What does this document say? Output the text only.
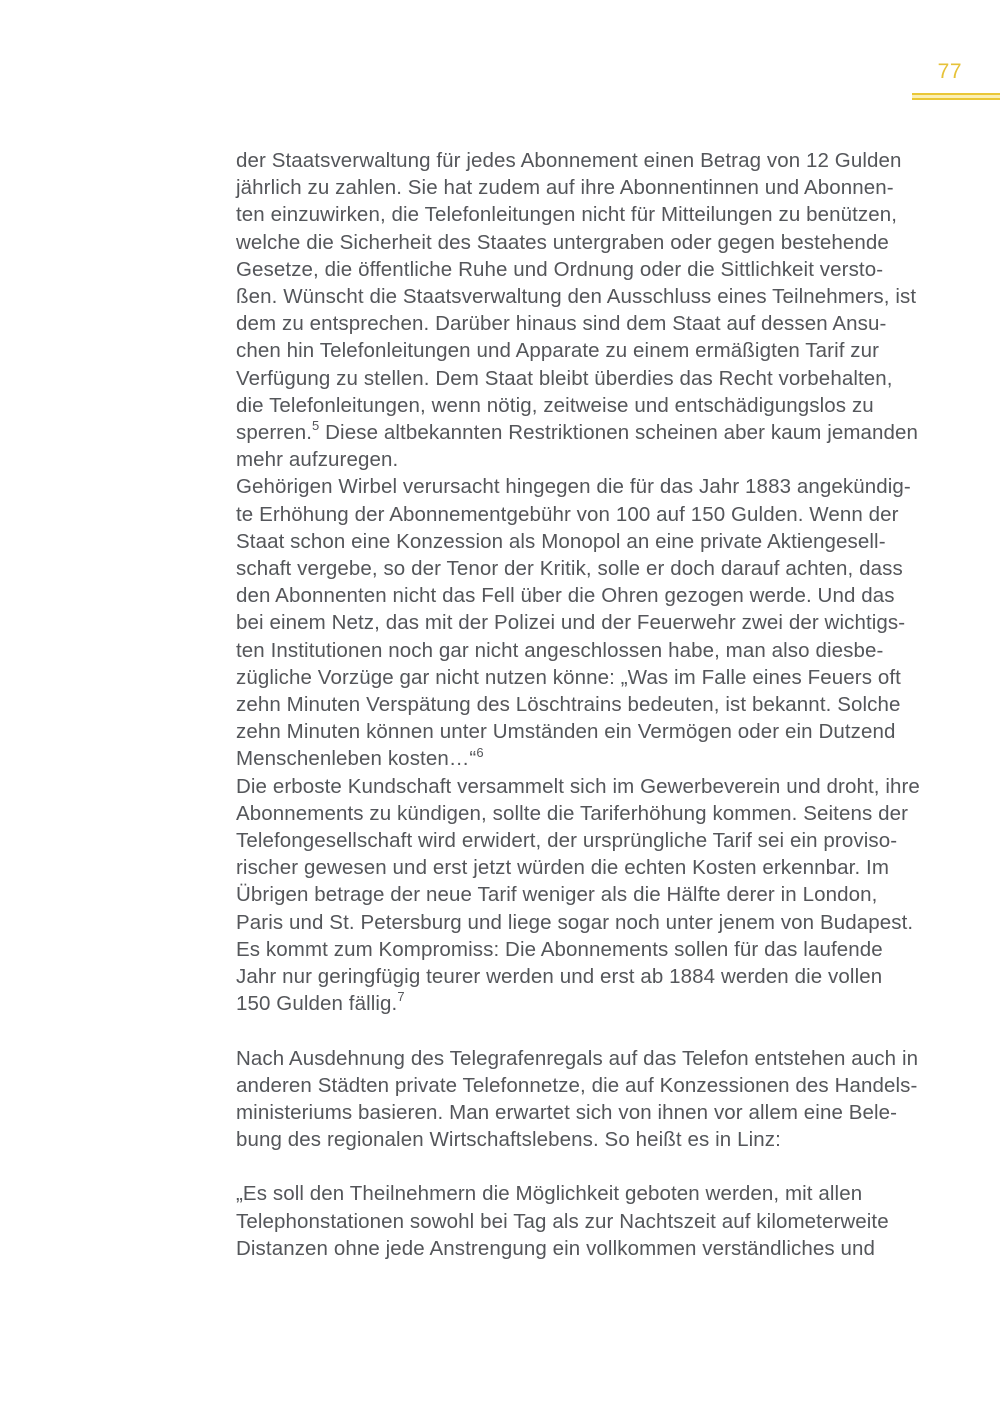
77
der Staatsverwaltung für jedes Abonnement einen Betrag von 12 Gulden
jährlich zu zahlen. Sie hat zudem auf ihre Abonnentinnen und Abonnen-
ten einzuwirken, die Telefonleitungen nicht für Mitteilungen zu benützen,
welche die Sicherheit des Staates untergraben oder gegen bestehende
Gesetze, die öffentliche Ruhe und Ordnung oder die Sittlichkeit versto-
ßen. Wünscht die Staatsverwaltung den Ausschluss eines Teilnehmers, ist
dem zu entsprechen. Darüber hinaus sind dem Staat auf dessen Ansu-
chen hin Telefonleitungen und Apparate zu einem ermäßigten Tarif zur
Verfügung zu stellen. Dem Staat bleibt überdies das Recht vorbehalten,
die Telefonleitungen, wenn nötig, zeitweise und entschädigungslos zu
sperren.$^5$ Diese altbekannten Restriktionen scheinen aber kaum jemanden
mehr aufzuregen.
Gehörigen Wirbel verursacht hingegen die für das Jahr 1883 angekündig-
te Erhöhung der Abonnementgebühr von 100 auf 150 Gulden. Wenn der
Staat schon eine Konzession als Monopol an eine private Aktiengesell-
schaft vergebe, so der Tenor der Kritik, solle er doch darauf achten, dass
den Abonnenten nicht das Fell über die Ohren gezogen werde. Und das
bei einem Netz, das mit der Polizei und der Feuerwehr zwei der wichtigs-
ten Institutionen noch gar nicht angeschlossen habe, man also diesbe-
zügliche Vorzüge gar nicht nutzen könne: „Was im Falle eines Feuers oft
zehn Minuten Verspätung des Löschtrains bedeuten, ist bekannt. Solche
zehn Minuten können unter Umständen ein Vermögen oder ein Dutzend
Menschenleben kosten…“$^6$
Die erboste Kundschaft versammelt sich im Gewerbeverein und droht, ihre
Abonnements zu kündigen, sollte die Tariferhöhung kommen. Seitens der
Telefongesellschaft wird erwidert, der ursprüngliche Tarif sei ein proviso-
rischer gewesen und erst jetzt würden die echten Kosten erkennbar. Im
Übrigen betrage der neue Tarif weniger als die Hälfte derer in London,
Paris und St. Petersburg und liege sogar noch unter jenem von Budapest.
Es kommt zum Kompromiss: Die Abonnements sollen für das laufende
Jahr nur geringfügig teurer werden und erst ab 1884 werden die vollen
150 Gulden fällig.$^7$
Nach Ausdehnung des Telegrafenregals auf das Telefon entstehen auch in
anderen Städten private Telefonnetze, die auf Konzessionen des Handels-
ministeriums basieren. Man erwartet sich von ihnen vor allem eine Bele-
bung des regionalen Wirtschaftslebens. So heißt es in Linz:
„Es soll den Theilnehmern die Möglichkeit geboten werden, mit allen
Telephonstationen sowohl bei Tag als zur Nachtszeit auf kilometerweite
Distanzen ohne jede Anstrengung ein vollkommen verständliches und
